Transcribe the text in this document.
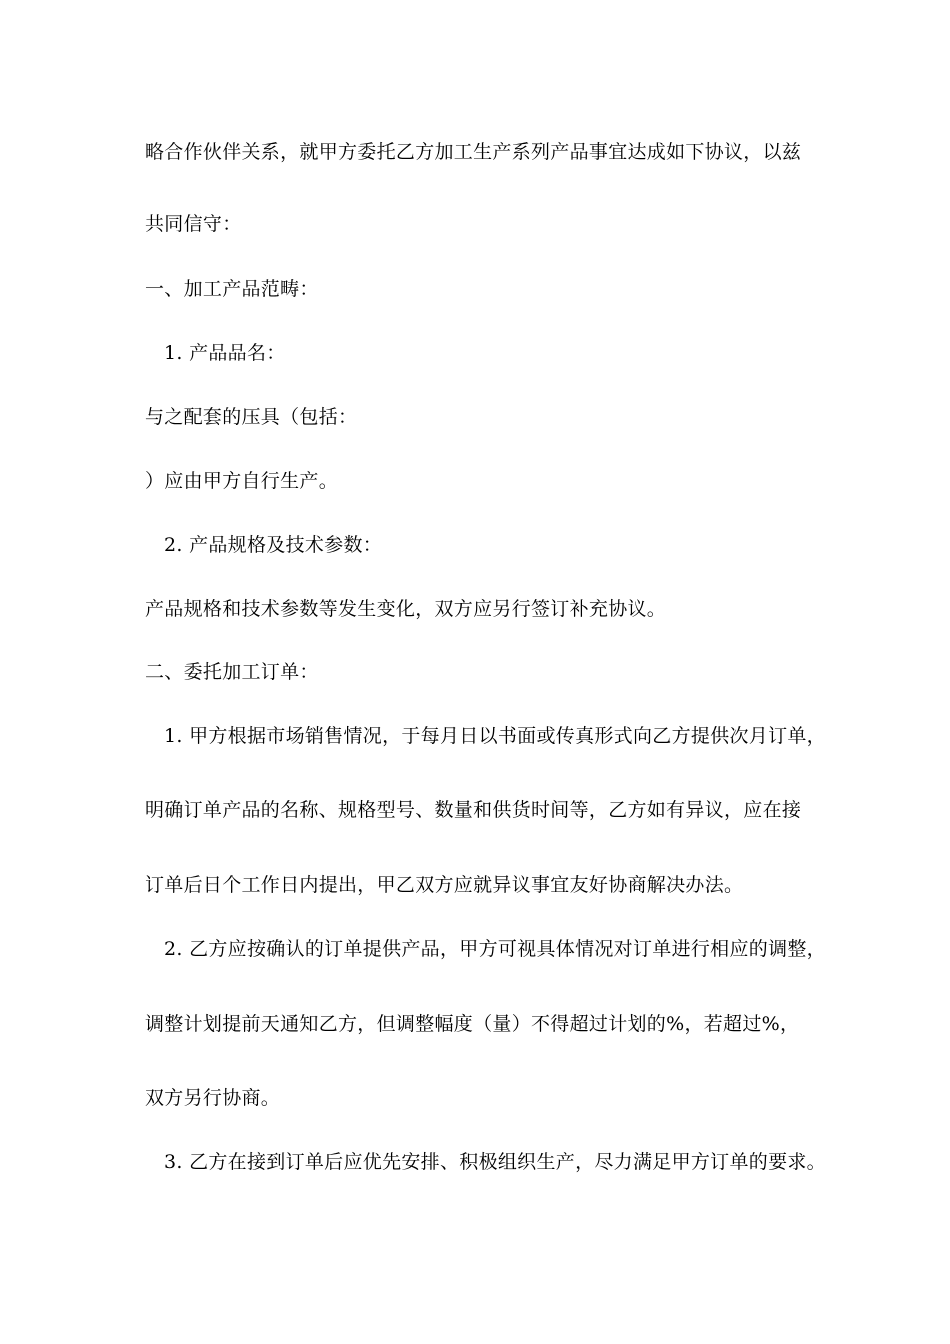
略合作伙伴关系，就甲方委托乙方加工生产系列产品事宜达成如下协议，以兹
共同信守：
一、加工产品范畴：
1. 产品品名：
与之配套的压具（包括：
）应由甲方自行生产。
2. 产品规格及技术参数：
产品规格和技术参数等发生变化，双方应另行签订补充协议。
二、委托加工订单：
1. 甲方根据市场销售情况，于每月日以书面或传真形式向乙方提供次月订单，
明确订单产品的名称、规格型号、数量和供货时间等，乙方如有异议，应在接
订单后日个工作日内提出，甲乙双方应就异议事宜友好协商解决办法。
2. 乙方应按确认的订单提供产品，甲方可视具体情况对订单进行相应的调整，
调整计划提前天通知乙方，但调整幅度（量）不得超过计划的%，若超过%，
双方另行协商。
3. 乙方在接到订单后应优先安排、积极组织生产，尽力满足甲方订单的要求。
